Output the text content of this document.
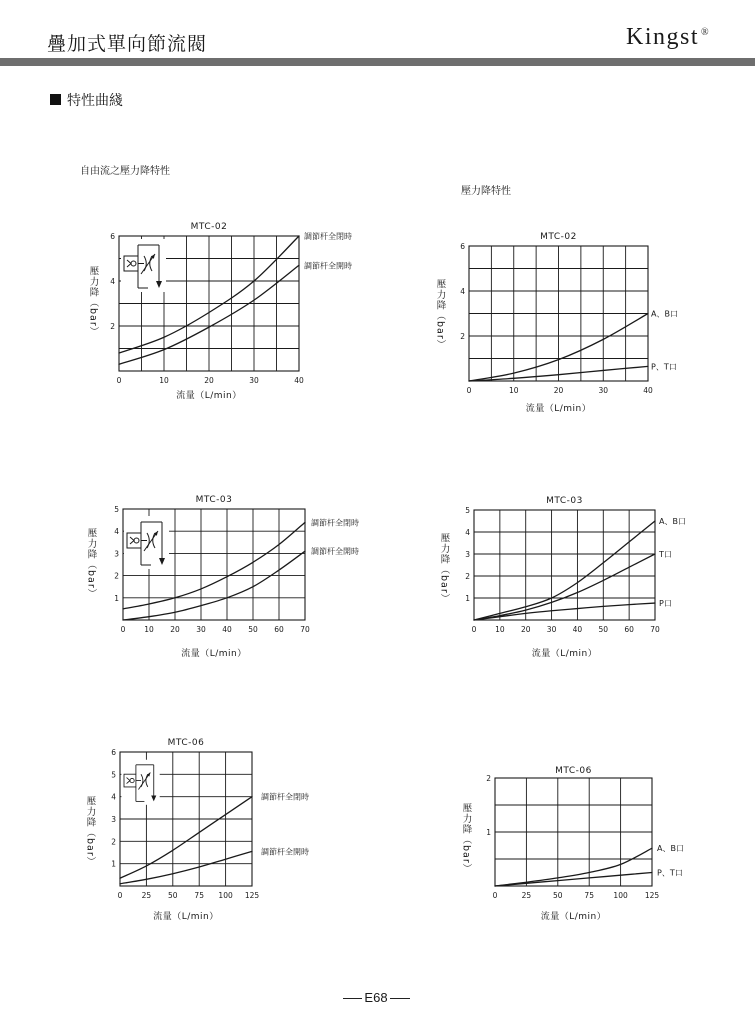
疊加式單向節流閥	Kingst ®
特性曲綫
自由流之壓力降特性
壓力降特性
MTC-02
0	10	20	30	40
6
4
2
流量（L/min）
壓力降（bar）
調節杆全閉時
調節杆全開時
MTC-02
0	10	20	30	40
6
4
2
流量（L/min）
壓力降（bar）	A、B口
P、T口
MTC-03
0	10 20 30 40 50 60 70
5
4
3
2
1
流量（L/min）
壓力降（bar）
調節杆全閉時
調節杆全開時
MTC-03
0 10 20 30 40 50 60 70
5
4
3
2
1
流量（L/min）
壓力降（bar）
A、B口
T口
P口
MTC-06
0	25 50 75 100 125
6
5
4
3
2
1
流量（L/min）
壓力降（bar）	調節杆全閉時
調節杆全開時
MTC-06
0	25	50	75	100 125
2
1
流量（L/min）
壓力降（bar）	A、B口
P、T口
E68
